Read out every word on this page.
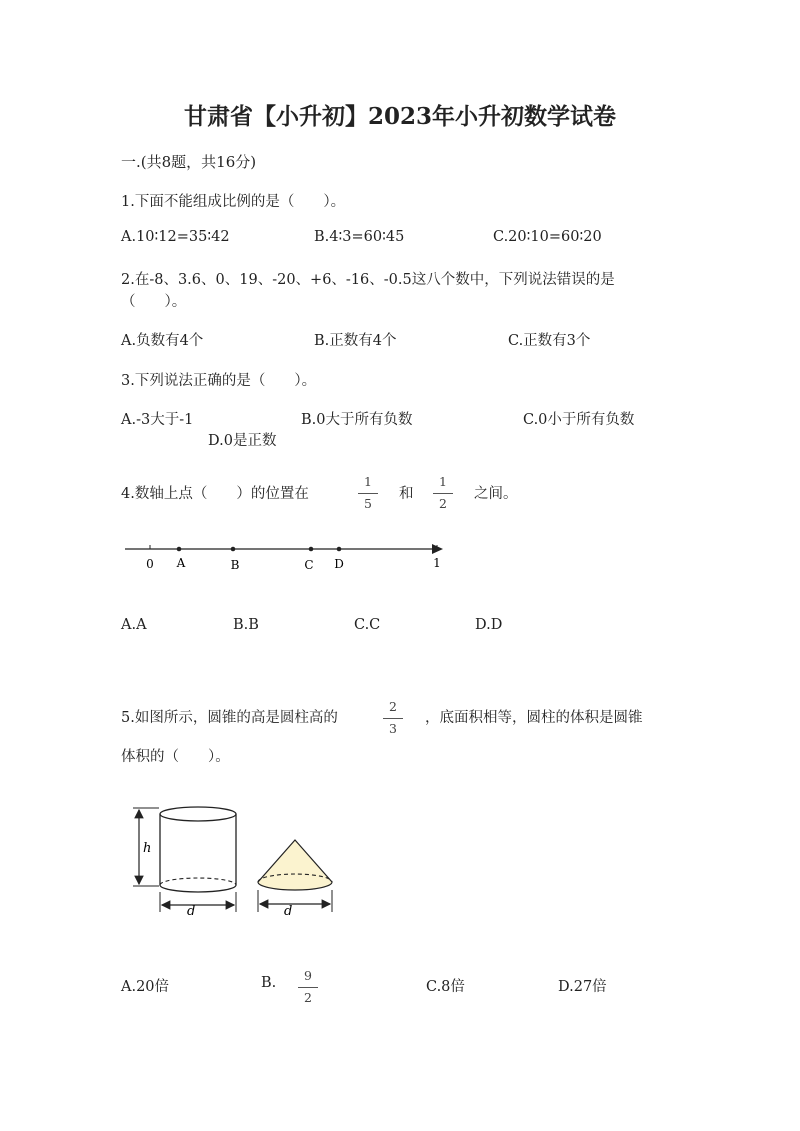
甘肃省【小升初】2023年小升初数学试卷
一.(共8题，共16分)
1.下面不能组成比例的是（　　）。
A.10∶12=35∶42	B.4∶3=60∶45	C.20∶10=60∶20
2.在-8、3.6、0、19、-20、+6、-16、-0.5这八个数中，下列说法错误的是
（　　）。
A.负数有4个	B.正数有4个	C.正数有3个
3.下列说法正确的是（　　）。
A.-3大于-1	B.0大于所有负数	C.0小于所有负数
D.0是正数
4.数轴上点（　　）的位置在
1
5
和
1
2
之间。
0 A	B	C D	1
A.A	B.B	C.C	D.D
5.如图所示，圆锥的高是圆柱高的
2
3
，底面积相等，圆柱的体积是圆锥
体积的（　　）。
h
d	d
A.20倍	B.	9
2
C.8倍	D.27倍
